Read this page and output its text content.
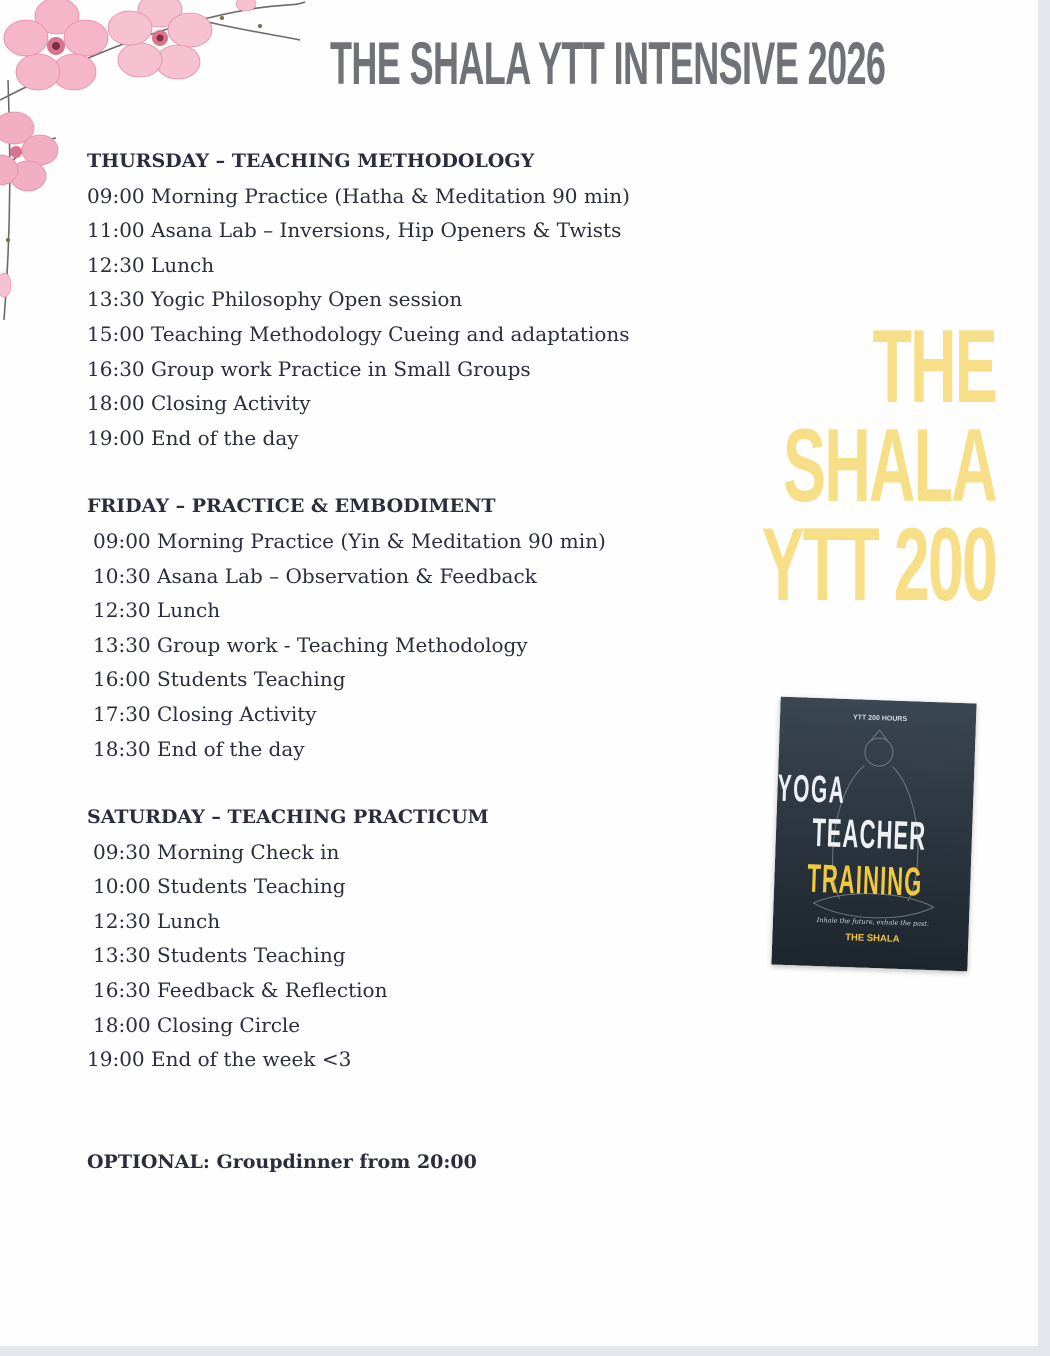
THE SHALA YTT INTENSIVE 2026
THURSDAY – TEACHING METHODOLOGY
09:00 Morning Practice (Hatha & Meditation 90 min)
11:00 Asana Lab – Inversions, Hip Openers & Twists
12:30 Lunch
13:30 Yogic Philosophy Open session
15:00 Teaching Methodology Cueing and adaptations
16:30 Group work Practice in Small Groups
18:00 Closing Activity
19:00 End of the day
FRIDAY – PRACTICE & EMBODIMENT
09:00 Morning Practice (Yin & Meditation 90 min)
10:30 Asana Lab – Observation & Feedback
12:30 Lunch
13:30 Group work - Teaching Methodology
16:00 Students Teaching
17:30 Closing Activity
18:30 End of the day
SATURDAY – TEACHING PRACTICUM
09:30 Morning Check in
10:00 Students Teaching
12:30 Lunch
13:30 Students Teaching
16:30 Feedback & Reflection
18:00 Closing Circle
19:00 End of the week <3
OPTIONAL: Groupdinner from 20:00
THE
SHALA
YTT 200
YTT 200 HOURS
YOGA
TEACHER
TRAINING
Inhale the future, exhale the past.
THE SHALA
